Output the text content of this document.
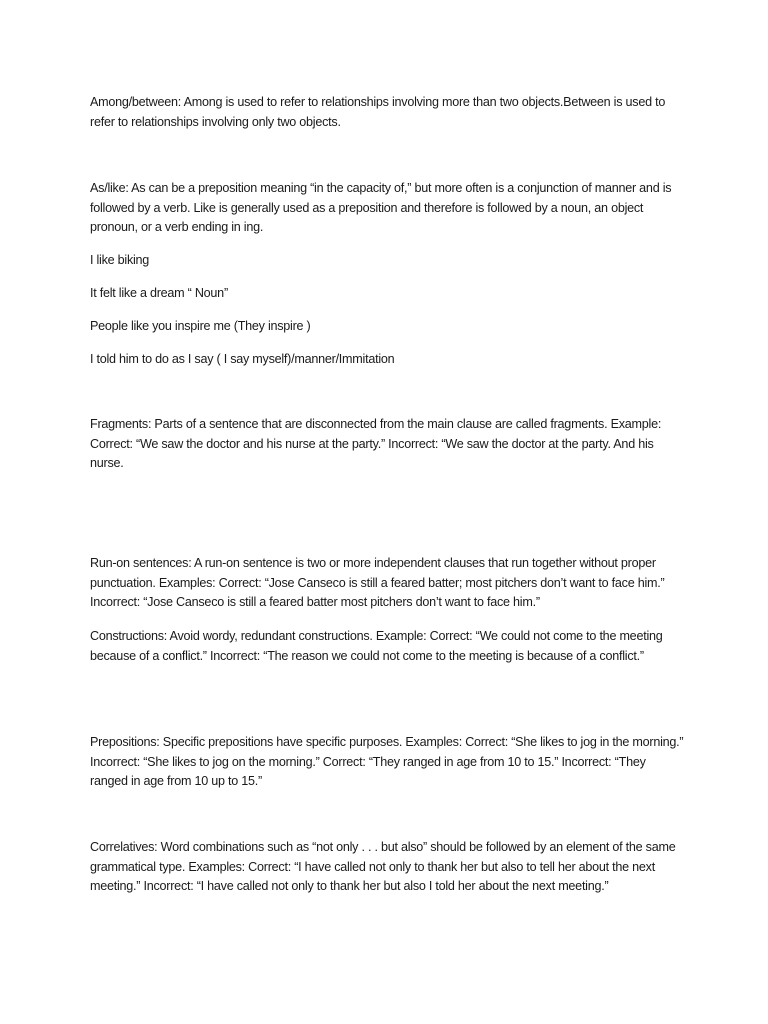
Among/between: Among is used to refer to relationships involving more than two objects.Between is used to refer to relationships involving only two objects.

As/like: As can be a preposition meaning “in the capacity of,” but more often is a conjunction of manner and is followed by a verb. Like is generally used as a preposition and therefore is followed by a noun, an object pronoun, or a verb ending in ing.

I like biking

It felt like a dream “ Noun”

People like you inspire me (They inspire )

I told him to do as I say ( I say myself)/manner/Immitation

Fragments: Parts of a sentence that are disconnected from the main clause are called fragments. Example: Correct: “We saw the doctor and his nurse at the party.” Incorrect: “We saw the doctor at the party. And his nurse.

Run-on sentences: A run-on sentence is two or more independent clauses that run together without proper punctuation. Examples: Correct: “Jose Canseco is still a feared batter; most pitchers don’t want to face him.” Incorrect: “Jose Canseco is still a feared batter most pitchers don’t want to face him.”

Constructions: Avoid wordy, redundant constructions. Example: Correct: “We could not come to the meeting because of a conflict.” Incorrect: “The reason we could not come to the meeting is because of a conflict.”

Prepositions: Specific prepositions have specific purposes. Examples: Correct: “She likes to jog in the morning.” Incorrect: “She likes to jog on the morning.” Correct: “They ranged in age from 10 to 15.” Incorrect: “They ranged in age from 10 up to 15.”

Correlatives: Word combinations such as “not only . . . but also” should be followed by an element of the same grammatical type. Examples: Correct: “I have called not only to thank her but also to tell her about the next meeting.” Incorrect: “I have called not only to thank her but also I told her about the next meeting.”
